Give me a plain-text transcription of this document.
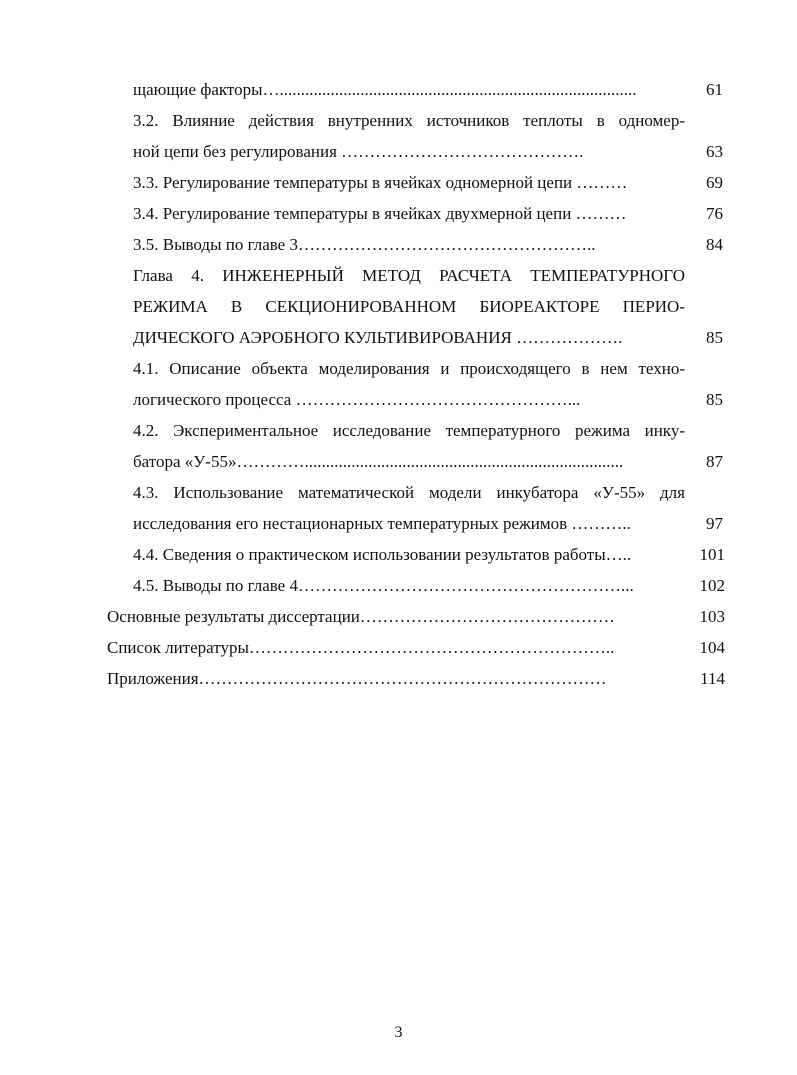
щающие факторы…....................................................................................	61
3.2. Влияние действия внутренних источников теплоты в одномер-
ной цепи без регулирования …………………………………….	63
3.3. Регулирование температуры в ячейках одномерной цепи ………	69
3.4. Регулирование температуры в ячейках двухмерной цепи ………	76
3.5. Выводы по главе 3……………………………………………..	84
Глава 4. ИНЖЕНЕРНЫЙ МЕТОД РАСЧЕТА ТЕМПЕРАТУРНОГО
РЕЖИМА В СЕКЦИОНИРОВАННОМ БИОРЕАКТОРЕ ПЕРИО-
ДИЧЕСКОГО АЭРОБНОГО КУЛЬТИВИРОВАНИЯ ……………….	85
4.1. Описание объекта моделирования и происходящего в нем техно-
логического процесса …………………………………………...	85
4.2. Экспериментальное исследование температурного режима инку-
батора «У-55»…………...........................................................................	87
4.3. Использование математической модели инкубатора «У-55» для
исследования его нестационарных температурных режимов ………..	97
4.4. Сведения о практическом использовании результатов работы…..	101
4.5. Выводы по главе 4…………………………………………………...	102
Основные результаты диссертации………………………………………	103
Список литературы………………………………………………………..	104
Приложения………………………………………………………………	114
3
